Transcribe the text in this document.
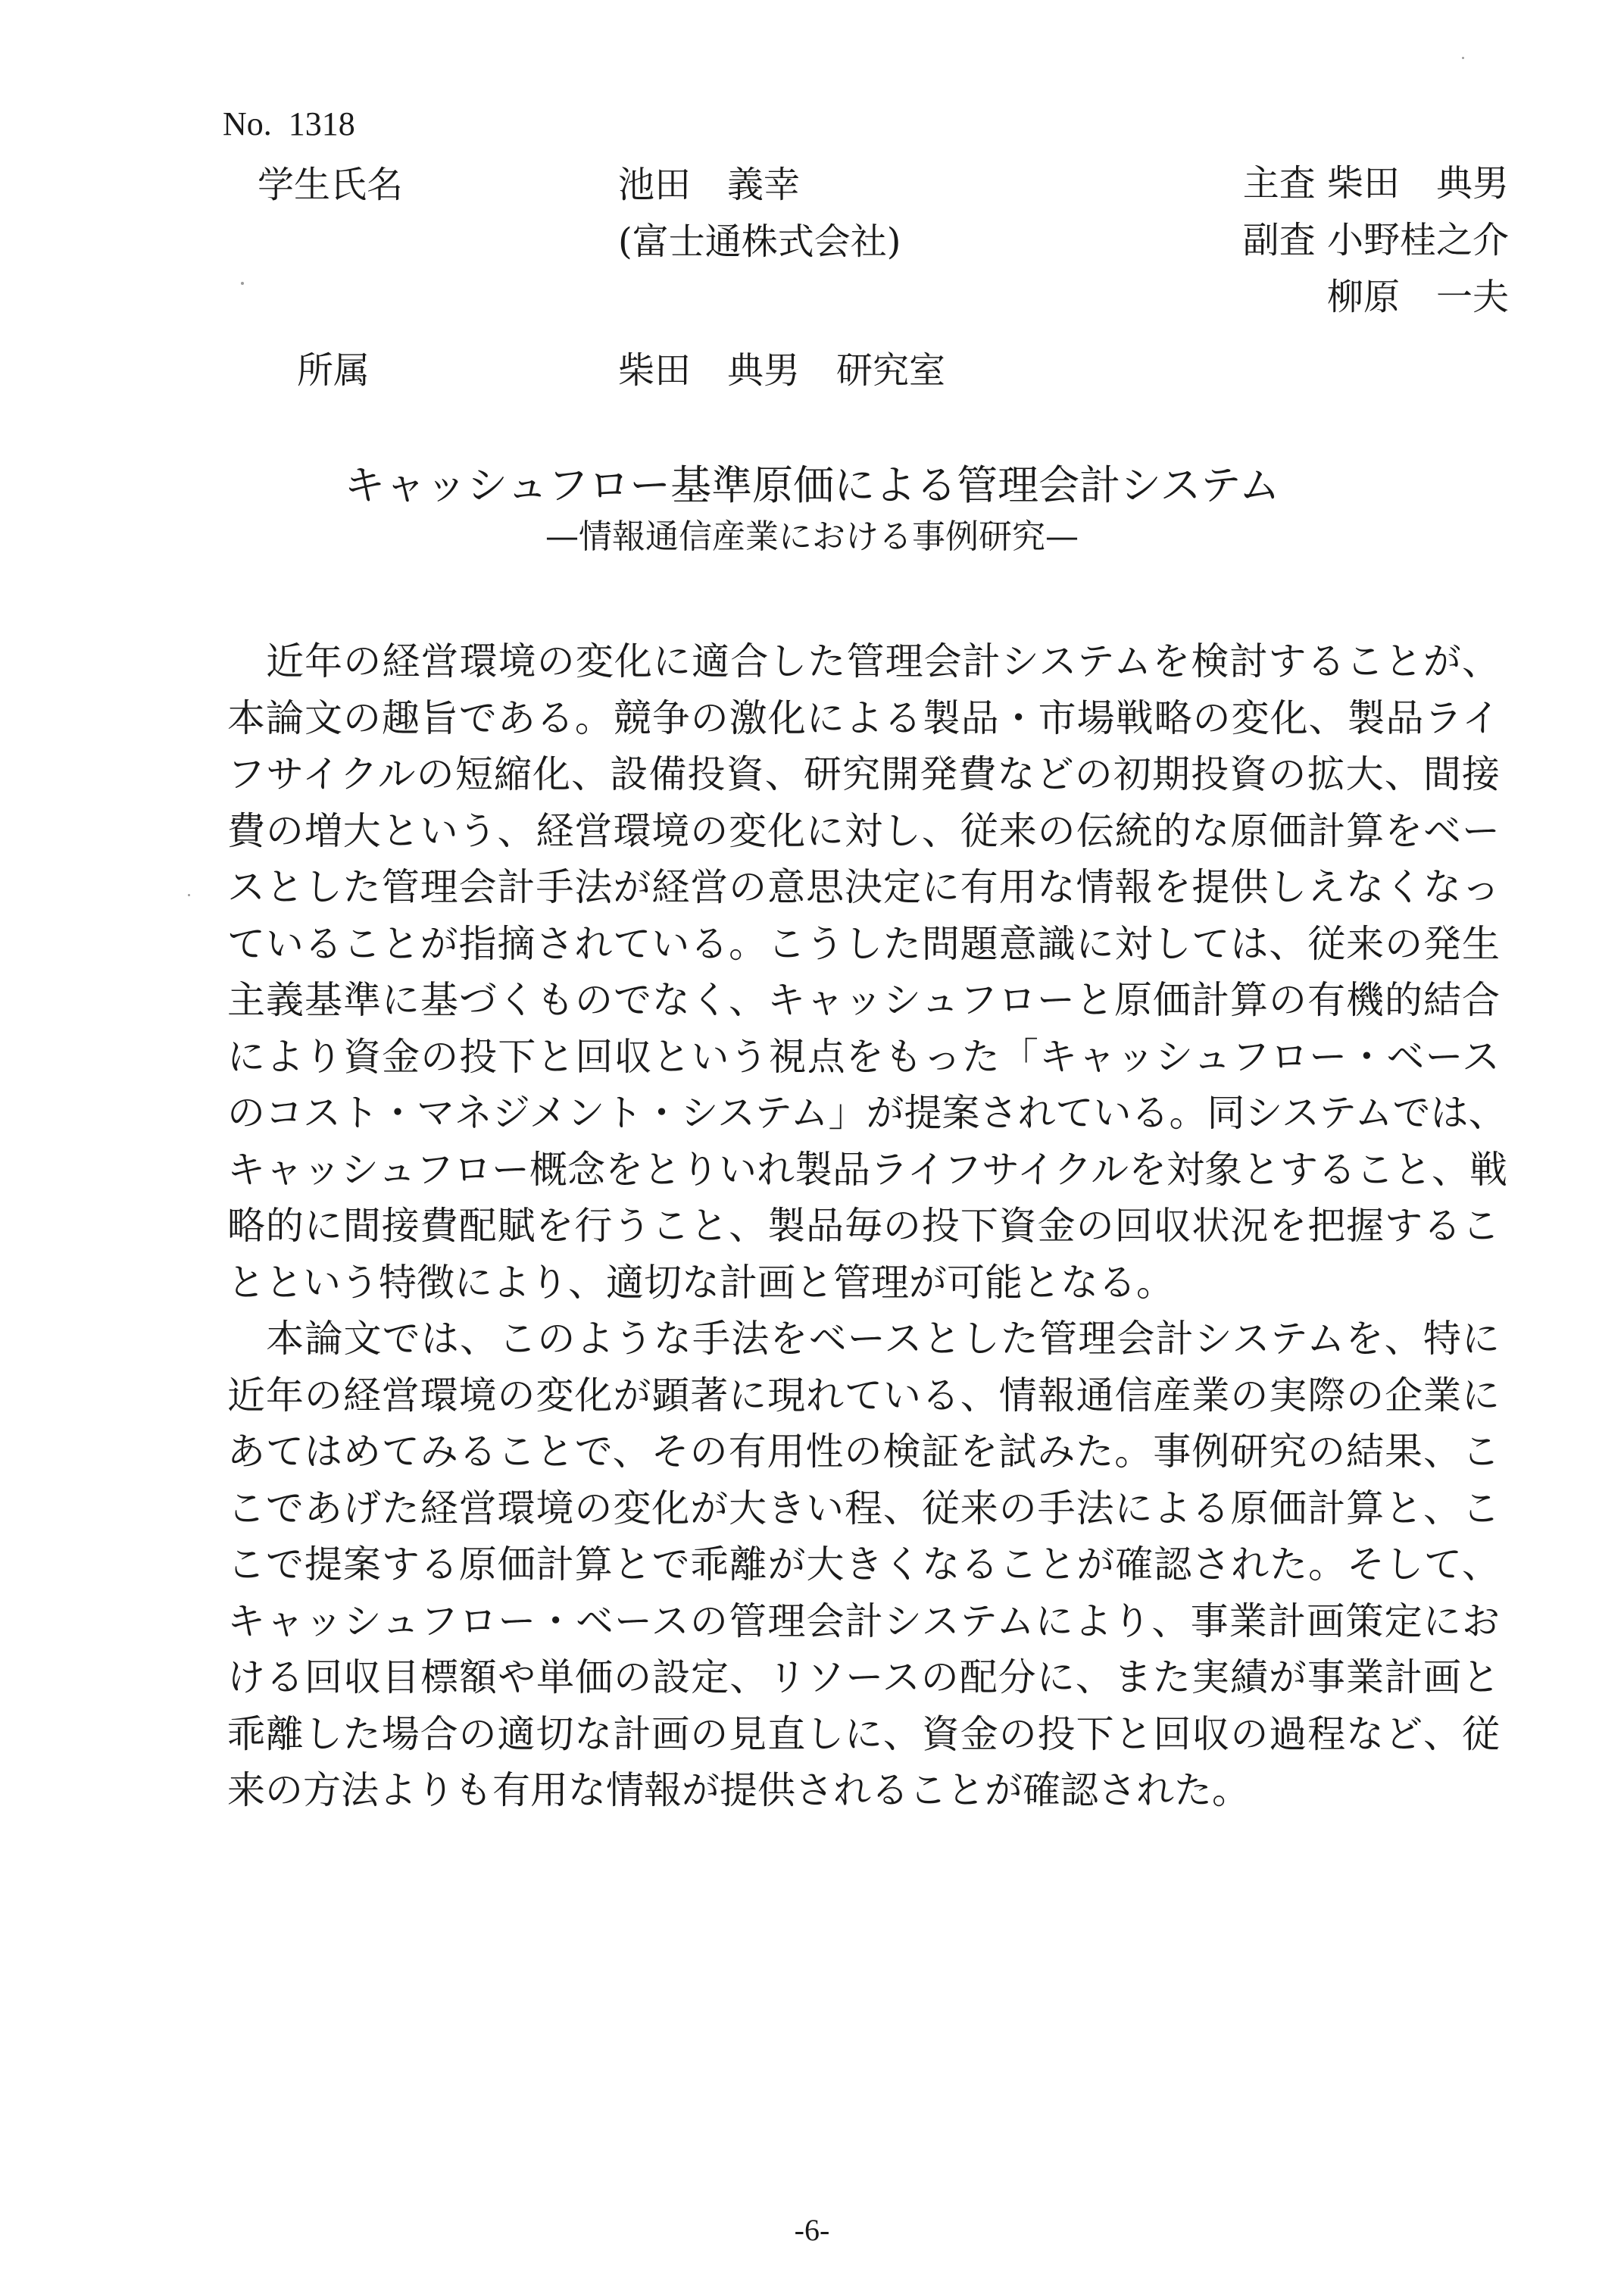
No.  1318
学生氏名	池田　義幸
(富士通株式会社)
主査 柴田　典男
副査 小野桂之介
柳原　一夫
所属	柴田　典男　研究室
キャッシュフロー基準原価による管理会計システム
—情報通信産業における事例研究—
　近年の経営環境の変化に適合した管理会計システムを検討することが、
本論文の趣旨である。競争の激化による製品・市場戦略の変化、製品ライ
フサイクルの短縮化、設備投資、研究開発費などの初期投資の拡大、間接
費の増大という、経営環境の変化に対し、従来の伝統的な原価計算をベー
スとした管理会計手法が経営の意思決定に有用な情報を提供しえなくなっ
ていることが指摘されている。こうした問題意識に対しては、従来の発生
主義基準に基づくものでなく、キャッシュフローと原価計算の有機的結合
により資金の投下と回収という視点をもった「キャッシュフロー・ベース
のコスト・マネジメント・システム」が提案されている。同システムでは、
キャッシュフロー概念をとりいれ製品ライフサイクルを対象とすること、戦
略的に間接費配賦を行うこと、製品毎の投下資金の回収状況を把握するこ
とという特徴により、適切な計画と管理が可能となる。
　本論文では、このような手法をベースとした管理会計システムを、特に
近年の経営環境の変化が顕著に現れている、情報通信産業の実際の企業に
あてはめてみることで、その有用性の検証を試みた。事例研究の結果、こ
こであげた経営環境の変化が大きい程、従来の手法による原価計算と、こ
こで提案する原価計算とで乖離が大きくなることが確認された。そして、
キャッシュフロー・ベースの管理会計システムにより、事業計画策定にお
ける回収目標額や単価の設定、リソースの配分に、また実績が事業計画と
乖離した場合の適切な計画の見直しに、資金の投下と回収の過程など、従
来の方法よりも有用な情報が提供されることが確認された。
-6-
